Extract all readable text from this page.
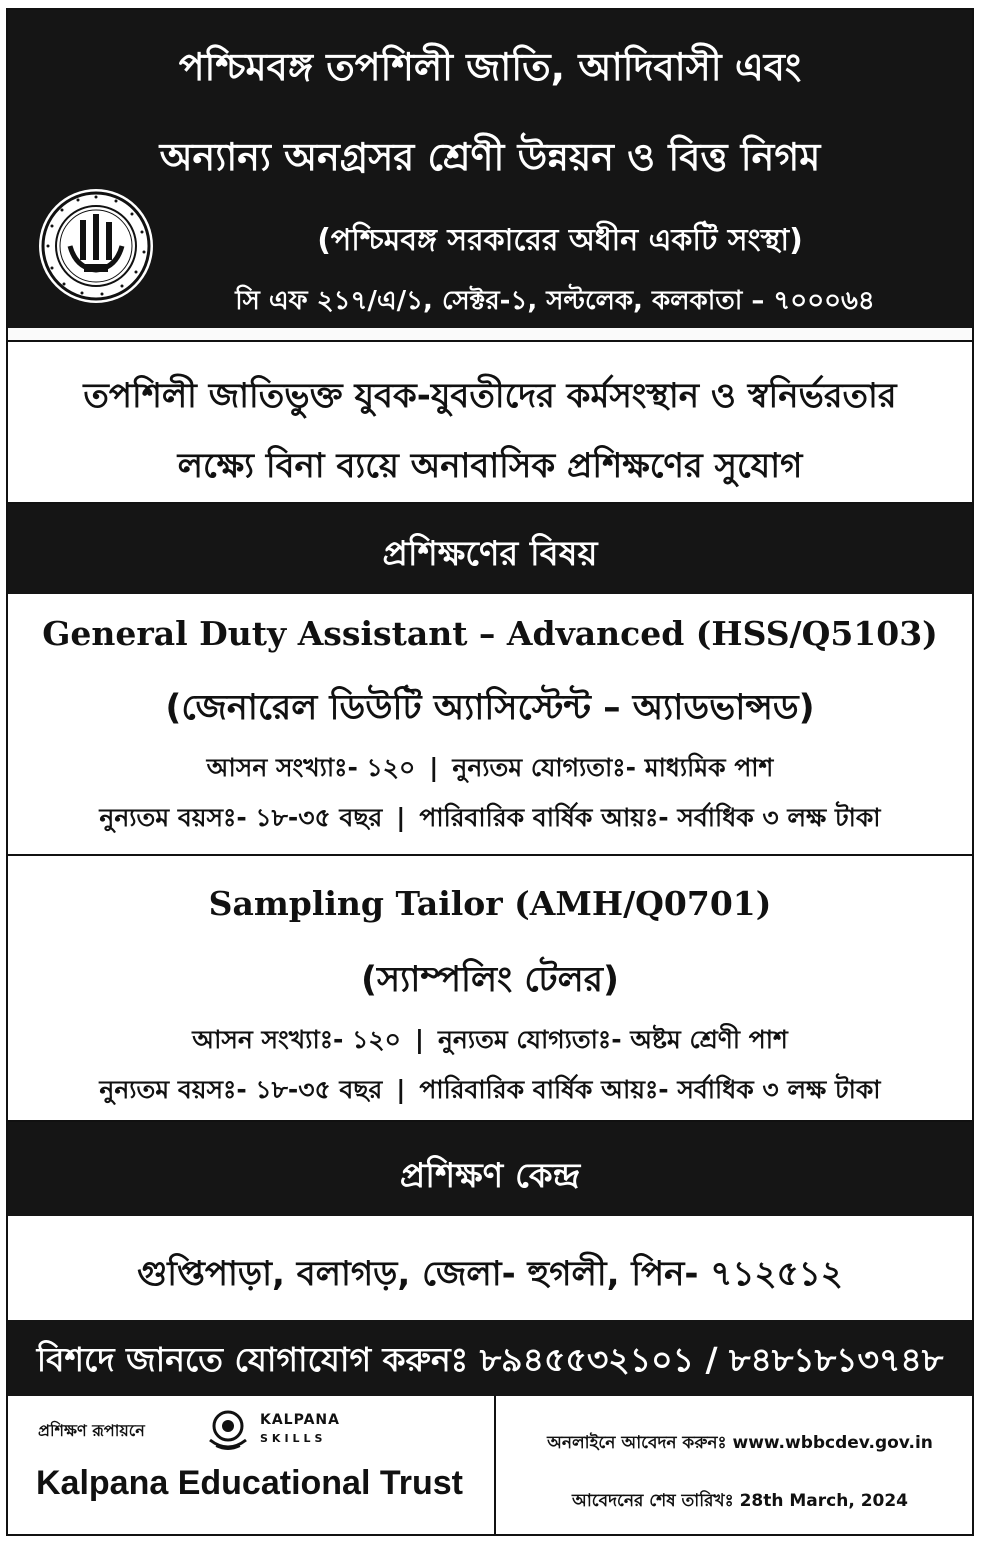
পশ্চিমবঙ্গ তপশিলী জাতি, আদিবাসী এবং
অন্যান্য অনগ্রসর শ্রেণী উন্নয়ন ও বিত্ত নিগম
(পশ্চিমবঙ্গ সরকারের অধীন একটি সংস্থা)
সি এফ ২১৭/এ/১, সেক্টর-১, সল্টলেক, কলকাতা – ৭০০০৬৪
তপশিলী জাতিভুক্ত যুবক-যুবতীদের কর্মসংস্থান ও স্বনির্ভরতার
লক্ষ্যে বিনা ব্যয়ে অনাবাসিক প্রশিক্ষণের সুযোগ
প্রশিক্ষণের বিষয়
General Duty Assistant – Advanced (HSS/Q5103)
(জেনারেল ডিউটি অ্যাসিস্টেন্ট – অ্যাডভান্সড)
আসন সংখ্যাঃ- ১২০ | নুন্যতম যোগ্যতাঃ- মাধ্যমিক পাশ
নুন্যতম বয়সঃ- ১৮-৩৫ বছর | পারিবারিক বার্ষিক আয়ঃ- সর্বাধিক ৩ লক্ষ টাকা
Sampling Tailor (AMH/Q0701)
(স্যাম্পলিং টেলর)
আসন সংখ্যাঃ- ১২০ | নুন্যতম যোগ্যতাঃ- অষ্টম শ্রেণী পাশ
নুন্যতম বয়সঃ- ১৮-৩৫ বছর | পারিবারিক বার্ষিক আয়ঃ- সর্বাধিক ৩ লক্ষ টাকা
প্রশিক্ষণ কেন্দ্র
গুপ্তিপাড়া, বলাগড়, জেলা- হুগলী, পিন- ৭১২৫১২
বিশদে জানতে যোগাযোগ করুনঃ ৮৯৪৫৫৩২১০১ / ৮৪৮১৮১৩৭৪৮
প্রশিক্ষণ রূপায়নে
KALPANA
SKILLS
Kalpana Educational Trust
অনলাইনে আবেদন করুনঃ www.wbbcdev.gov.in
আবেদনের শেষ তারিখঃ 28th March, 2024
